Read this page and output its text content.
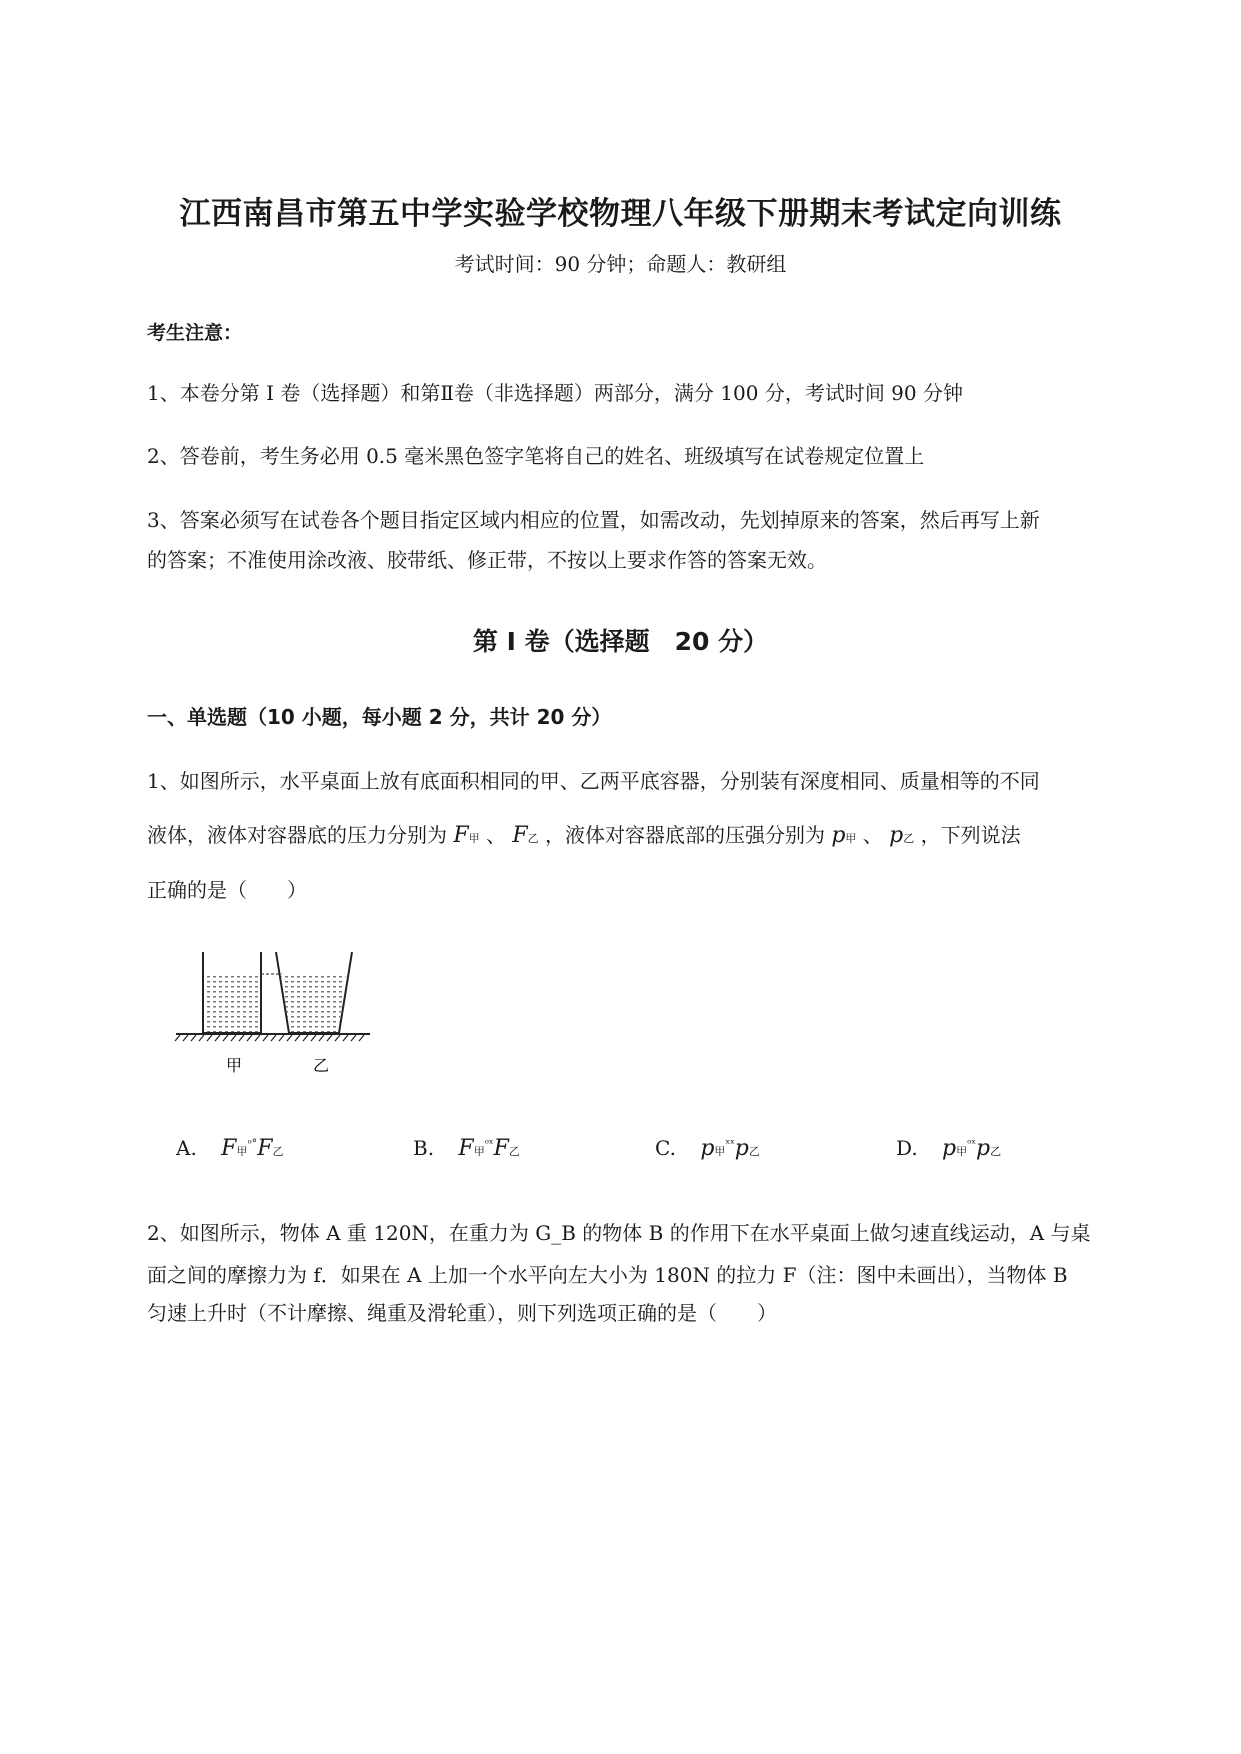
江西南昌市第五中学实验学校物理八年级下册期末考试定向训练
考试时间：90 分钟；命题人：教研组
考生注意：
1、本卷分第 I 卷（选择题）和第Ⅱ卷（非选择题）两部分，满分 100 分，考试时间 90 分钟
2、答卷前，考生务必用 0.5 毫米黑色签字笔将自己的姓名、班级填写在试卷规定位置上
3、答案必须写在试卷各个题目指定区域内相应的位置，如需改动，先划掉原来的答案，然后再写上新
的答案；不准使用涂改液、胶带纸、修正带，不按以上要求作答的答案无效。
第 I 卷（选择题　20 分）
一、单选题（10 小题，每小题 2 分，共计 20 分）
1、如图所示，水平桌面上放有底面积相同的甲、乙两平底容器，分别装有深度相同、质量相等的不同
液体，液体对容器底的压力分别为 F甲 、 F乙 ，液体对容器底部的压强分别为 p甲 、 p乙 ，下列说法
正确的是（　　）
甲	乙
A. F甲$^{ᵒ^\circ}$F乙	B. F甲$^{ᵒˣ}$F乙	C. p甲$^{ˣˣ}$p乙	D. p甲$^{ᵒˣ}$p乙
2、如图所示，物体 A 重 120N，在重力为 G_B 的物体 B 的作用下在水平桌面上做匀速直线运动，A 与桌
面之间的摩擦力为 f．如果在 A 上加一个水平向左大小为 180N 的拉力 F（注：图中未画出），当物体 B
匀速上升时（不计摩擦、绳重及滑轮重），则下列选项正确的是（　　）
